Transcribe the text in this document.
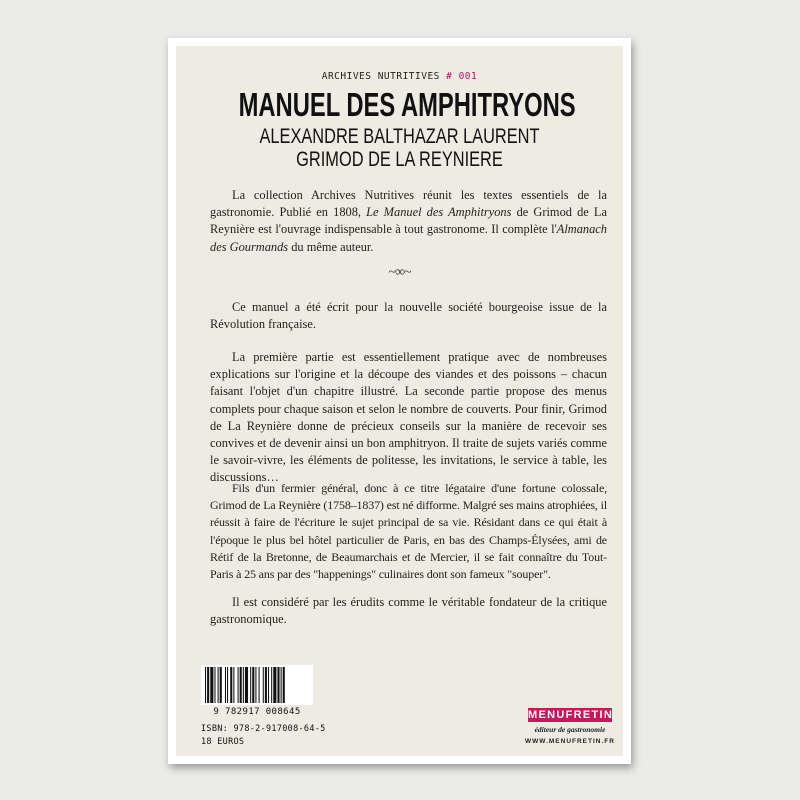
ARCHIVES NUTRITIVES # 001
MANUEL DES AMPHITRYONS
ALEXANDRE BALTHAZAR LAURENT
GRIMOD DE LA REYNIERE

La collection Archives Nutritives réunit les textes essentiels de la gastronomie. Publié en 1808, Le Manuel des Amphitryons de Grimod de La Reynière est l'ouvrage indispensable à tout gastronome. Il complète l'Almanach des Gourmands du même auteur.

~∞~

Ce manuel a été écrit pour la nouvelle société bourgeoise issue de la Révolution française.

La première partie est essentiellement pratique avec de nombreuses explications sur l'origine et la découpe des viandes et des poissons – chacun faisant l'objet d'un chapitre illustré. La seconde partie propose des menus complets pour chaque saison et selon le nombre de couverts. Pour finir, Grimod de La Reynière donne de précieux conseils sur la manière de recevoir ses convives et de devenir ainsi un bon amphitryon. Il traite de sujets variés comme le savoir-vivre, les éléments de politesse, les invitations, le service à table, les discussions…

Fils d'un fermier général, donc à ce titre légataire d'une fortune colossale, Grimod de La Reynière (1758–1837) est né difforme. Malgré ses mains atrophiées, il réussit à faire de l'écriture le sujet principal de sa vie. Résidant dans ce qui était à l'époque le plus bel hôtel particulier de Paris, en bas des Champs-Élysées, ami de Rétif de la Bretonne, de Beaumarchais et de Mercier, il se fait connaître du Tout-Paris à 25 ans par des "happenings" culinaires dont son fameux "souper".

Il est considéré par les érudits comme le véritable fondateur de la critique gastronomique.

9 782917 008645
ISBN: 978-2-917008-64-5
18 EUROS
MENUFRETIN
éditeur de gastronomie
WWW.MENUFRETIN.FR
